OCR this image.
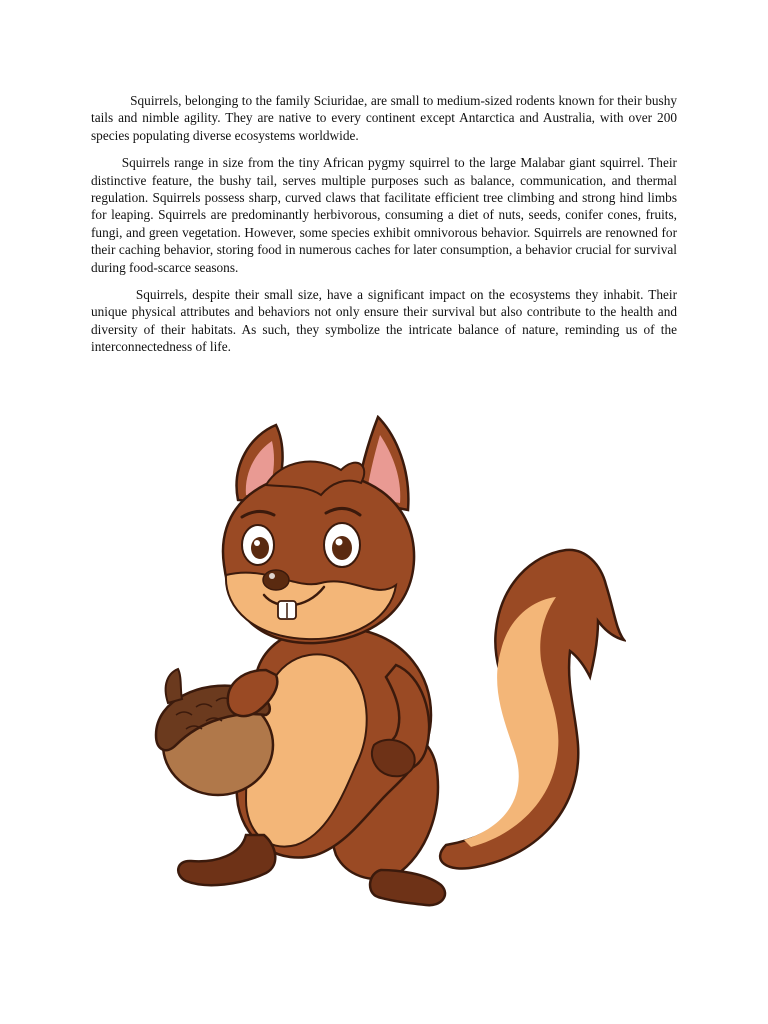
Squirrels, belonging to the family Sciuridae, are small to medium-sized rodents known for their bushy tails and nimble agility. They are native to every continent except Antarctica and Australia, with over 200 species populating diverse ecosystems worldwide.

Squirrels range in size from the tiny African pygmy squirrel to the large Malabar giant squirrel. Their distinctive feature, the bushy tail, serves multiple purposes such as balance, communication, and thermal regulation. Squirrels possess sharp, curved claws that facilitate efficient tree climbing and strong hind limbs for leaping. Squirrels are predominantly herbivorous, consuming a diet of nuts, seeds, conifer cones, fruits, fungi, and green vegetation. However, some species exhibit omnivorous behavior. Squirrels are renowned for their caching behavior, storing food in numerous caches for later consumption, a behavior crucial for survival during food-scarce seasons.

Squirrels, despite their small size, have a significant impact on the ecosystems they inhabit. Their unique physical attributes and behaviors not only ensure their survival but also contribute to the health and diversity of their habitats. As such, they symbolize the intricate balance of nature, reminding us of the interconnectedness of life.
